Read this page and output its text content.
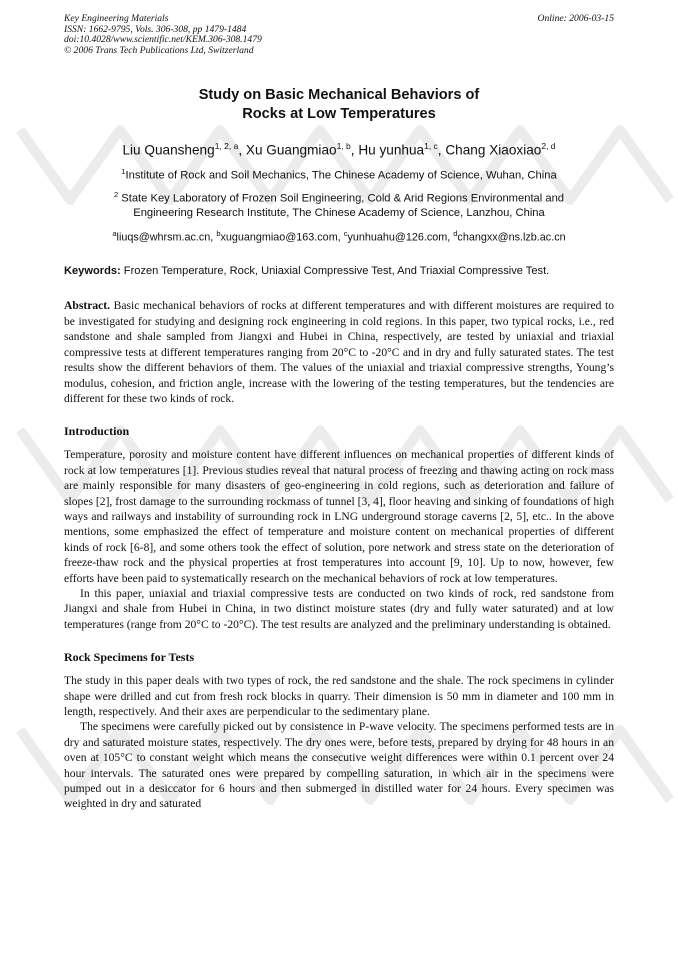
Key Engineering Materials
ISSN: 1662-9795, Vols. 306-308, pp 1479-1484
doi:10.4028/www.scientific.net/KEM.306-308.1479
© 2006 Trans Tech Publications Ltd, Switzerland
Online: 2006-03-15
Study on Basic Mechanical Behaviors of
Rocks at Low Temperatures
Liu Quansheng$^{1, 2, a}$, Xu Guangmiao$^{1, b}$, Hu yunhua$^{1, c}$, Chang Xiaoxiao$^{2, d}$
$^1$Institute of Rock and Soil Mechanics, The Chinese Academy of Science, Wuhan, China
$^2$ State Key Laboratory of Frozen Soil Engineering, Cold & Arid Regions Environmental and
Engineering Research Institute, The Chinese Academy of Science, Lanzhou, China
$^a$liuqs@whrsm.ac.cn, $^b$xuguangmiao@163.com, $^c$yunhuahu@126.com, $^d$changxx@ns.lzb.ac.cn
Keywords: Frozen Temperature, Rock, Uniaxial Compressive Test, And Triaxial Compressive Test.

Abstract. Basic mechanical behaviors of rocks at different temperatures and with different moistures are required to be investigated for studying and designing rock engineering in cold regions. In this paper, two typical rocks, i.e., red sandstone and shale sampled from Jiangxi and Hubei in China, respectively, are tested by uniaxial and triaxial compressive tests at different temperatures ranging from 20°C to -20°C and in dry and fully saturated states. The test results show the different behaviors of them. The values of the uniaxial and triaxial compressive strengths, Young’s modulus, cohesion, and friction angle, increase with the lowering of the testing temperatures, but the tendencies are different for these two kinds of rock.

Introduction

Temperature, porosity and moisture content have different influences on mechanical properties of different kinds of rock at low temperatures [1]. Previous studies reveal that natural process of freezing and thawing acting on rock mass are mainly responsible for many disasters of geo-engineering in cold regions, such as deterioration and failure of slopes [2], frost damage to the surrounding rockmass of tunnel [3, 4], floor heaving and sinking of foundations of high ways and railways and instability of surrounding rock in LNG underground storage caverns [2, 5], etc.. In the above mentions, some emphasized the effect of temperature and moisture content on mechanical properties of different kinds of rock [6-8], and some others took the effect of solution, pore network and stress state on the deterioration of freeze-thaw rock and the physical properties at frost temperatures into account [9, 10]. Up to now, however, few efforts have been paid to systematically research on the mechanical behaviors of rock at low temperatures.

In this paper, uniaxial and triaxial compressive tests are conducted on two kinds of rock, red sandstone from Jiangxi and shale from Hubei in China, in two distinct moisture states (dry and fully water saturated) and at low temperatures (range from 20°C to -20°C). The test results are analyzed and the preliminary understanding is obtained.

Rock Specimens for Tests

The study in this paper deals with two types of rock, the red sandstone and the shale. The rock specimens in cylinder shape were drilled and cut from fresh rock blocks in quarry. Their dimension is 50 mm in diameter and 100 mm in length, respectively. And their axes are perpendicular to the sedimentary plane.

The specimens were carefully picked out by consistence in P-wave velocity. The specimens performed tests are in dry and saturated moisture states, respectively. The dry ones were, before tests, prepared by drying for 48 hours in an oven at 105°C to constant weight which means the consecutive weight differences were within 0.1 percent over 24 hour intervals. The saturated ones were prepared by compelling saturation, in which air in the specimens were pumped out in a desiccator for 6 hours and then submerged in distilled water for 24 hours. Every specimen was weighted in dry and saturated
